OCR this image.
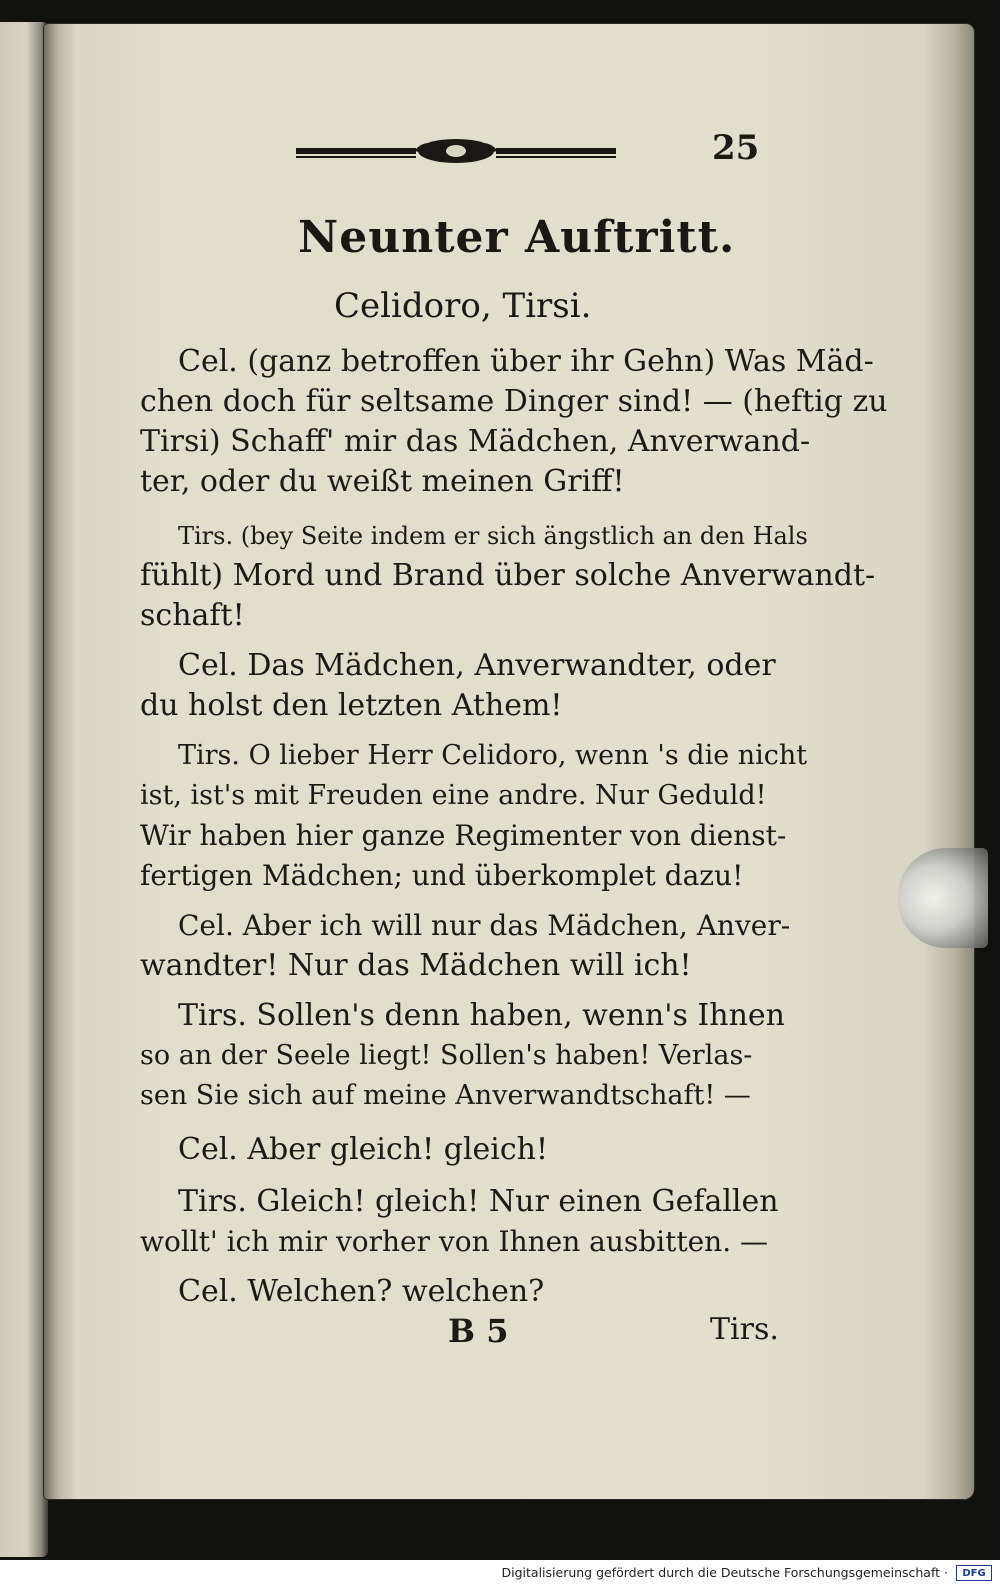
25
Neunter Auftritt.
Celidoro, Tirsi.
Cel. (ganz betroffen über ihr Gehn) Was Mäd-
chen doch für seltsame Dinger sind! — (heftig zu
Tirsi) Schaff' mir das Mädchen, Anverwand-
ter, oder du weißt meinen Griff!
Tirs. (bey Seite indem er sich ängstlich an den Hals
fühlt) Mord und Brand über solche Anverwandt-
schaft!
Cel. Das Mädchen, Anverwandter, oder
du holst den letzten Athem!
Tirs. O lieber Herr Celidoro, wenn 's die nicht
ist, ist's mit Freuden eine andre. Nur Geduld!
Wir haben hier ganze Regimenter von dienst-
fertigen Mädchen; und überkomplet dazu!
Cel. Aber ich will nur das Mädchen, Anver-
wandter! Nur das Mädchen will ich!
Tirs. Sollen's denn haben, wenn's Ihnen
so an der Seele liegt! Sollen's haben! Verlas-
sen Sie sich auf meine Anverwandtschaft! —
Cel. Aber gleich! gleich!
Tirs. Gleich! gleich! Nur einen Gefallen
wollt' ich mir vorher von Ihnen ausbitten. —
Cel. Welchen? welchen?
B 5	Tirs.
Digitalisierung gefördert durch die Deutsche Forschungsgemeinschaft ·	DFG
